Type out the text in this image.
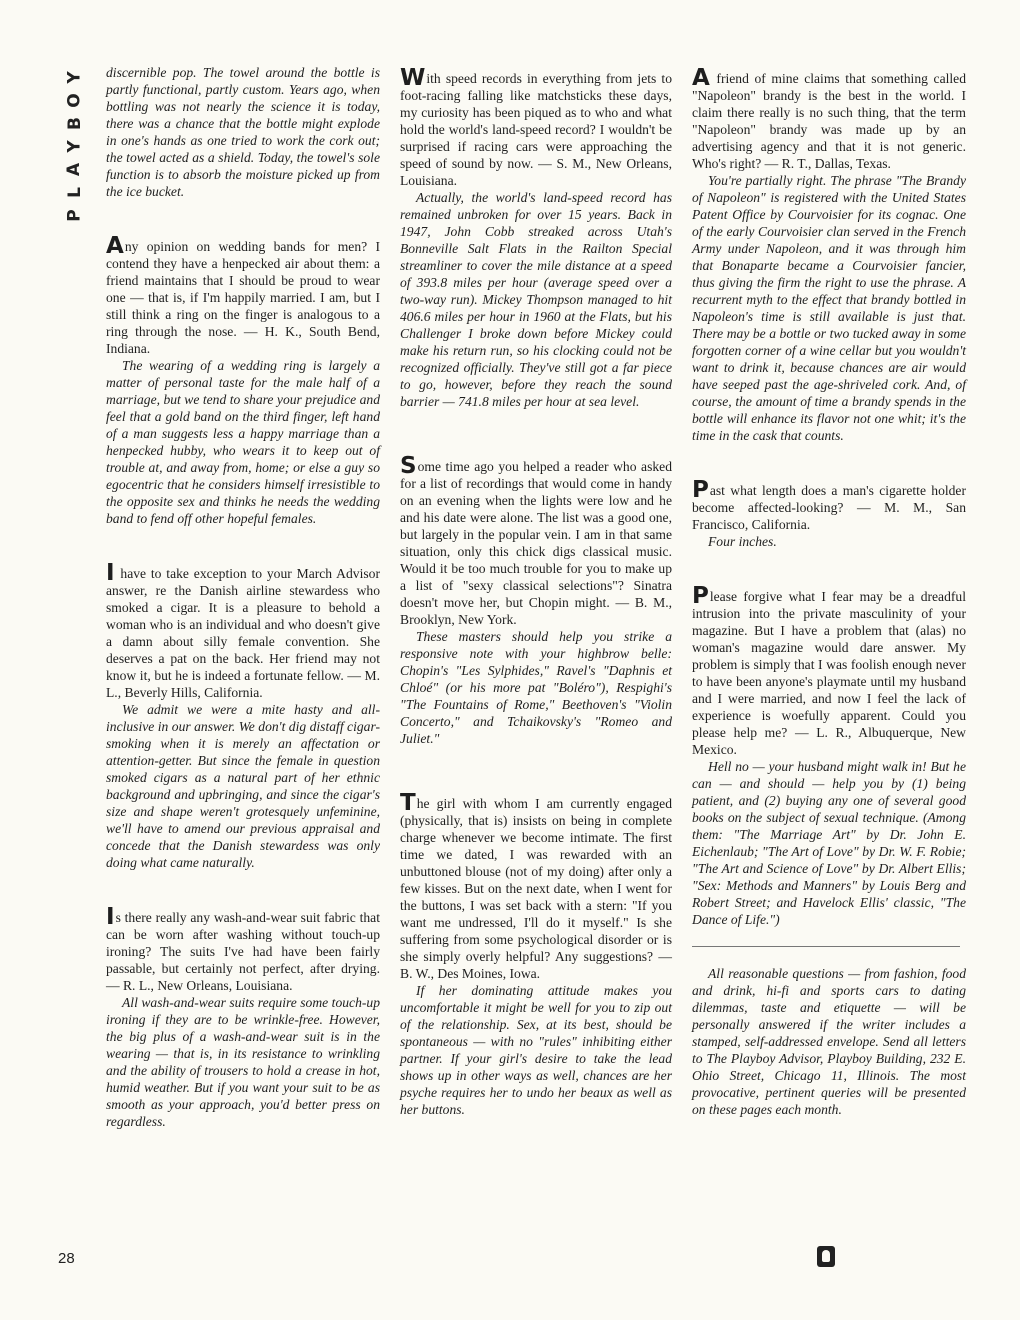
Y
O
B
Y
A
L
P

discernible pop. The towel around the bottle is partly functional, partly custom. Years ago, when bottling was not nearly the science it is today, there was a chance that the bottle might explode in one's hands as one tried to work the cork out; the towel acted as a shield. Today, the towel's sole function is to absorb the moisture picked up from the ice bucket.

Any opinion on wedding bands for men? I contend they have a henpecked air about them: a friend maintains that I should be proud to wear one — that is, if I'm happily married. I am, but I still think a ring on the finger is analogous to a ring through the nose. — H. K., South Bend, Indiana.

The wearing of a wedding ring is largely a matter of personal taste for the male half of a marriage, but we tend to share your prejudice and feel that a gold band on the third finger, left hand of a man suggests less a happy marriage than a henpecked hubby, who wears it to keep out of trouble at, and away from, home; or else a guy so egocentric that he considers himself irresistible to the opposite sex and thinks he needs the wedding band to fend off other hopeful females.

I have to take exception to your March Advisor answer, re the Danish airline stewardess who smoked a cigar. It is a pleasure to behold a woman who is an individual and who doesn't give a damn about silly female convention. She deserves a pat on the back. Her friend may not know it, but he is indeed a fortunate fellow. — M. L., Beverly Hills, California.

We admit we were a mite hasty and all-inclusive in our answer. We don't dig distaff cigar-smoking when it is merely an affectation or attention-getter. But since the female in question smoked cigars as a natural part of her ethnic background and upbringing, and since the cigar's size and shape weren't grotesquely unfeminine, we'll have to amend our previous appraisal and concede that the Danish stewardess was only doing what came naturally.

Is there really any wash-and-wear suit fabric that can be worn after washing without touch-up ironing? The suits I've had have been fairly passable, but certainly not perfect, after drying. — R. L., New Orleans, Louisiana.

All wash-and-wear suits require some touch-up ironing if they are to be wrinkle-free. However, the big plus of a wash-and-wear suit is in the wearing — that is, in its resistance to wrinkling and the ability of trousers to hold a crease in hot, humid weather. But if you want your suit to be as smooth as your approach, you'd better press on regardless.

With speed records in everything from jets to foot-racing falling like matchsticks these days, my curiosity has been piqued as to who and what hold the world's land-speed record? I wouldn't be surprised if racing cars were approaching the speed of sound by now. — S. M., New Orleans, Louisiana.

Actually, the world's land-speed record has remained unbroken for over 15 years. Back in 1947, John Cobb streaked across Utah's Bonneville Salt Flats in the Railton Special streamliner to cover the mile distance at a speed of 393.8 miles per hour (average speed over a two-way run). Mickey Thompson managed to hit 406.6 miles per hour in 1960 at the Flats, but his Challenger I broke down before Mickey could make his return run, so his clocking could not be recognized officially. They've still got a far piece to go, however, before they reach the sound barrier — 741.8 miles per hour at sea level.

Some time ago you helped a reader who asked for a list of recordings that would come in handy on an evening when the lights were low and he and his date were alone. The list was a good one, but largely in the popular vein. I am in that same situation, only this chick digs classical music. Would it be too much trouble for you to make up a list of "sexy classical selections"? Sinatra doesn't move her, but Chopin might. — B. M., Brooklyn, New York.

These masters should help you strike a responsive note with your highbrow belle: Chopin's "Les Sylphides," Ravel's "Daphnis et Chloé" (or his more pat "Boléro"), Respighi's "The Fountains of Rome," Beethoven's "Violin Concerto," and Tchaikovsky's "Romeo and Juliet."

The girl with whom I am currently engaged (physically, that is) insists on being in complete charge whenever we become intimate. The first time we dated, I was rewarded with an unbuttoned blouse (not of my doing) after only a few kisses. But on the next date, when I went for the buttons, I was set back with a stern: "If you want me undressed, I'll do it myself." Is she suffering from some psychological disorder or is she simply overly helpful? Any suggestions? — B. W., Des Moines, Iowa.

If her dominating attitude makes you uncomfortable it might be well for you to zip out of the relationship. Sex, at its best, should be spontaneous — with no "rules" inhibiting either partner. If your girl's desire to take the lead shows up in other ways as well, chances are her psyche requires her to undo her beaux as well as her buttons.

A friend of mine claims that something called "Napoleon" brandy is the best in the world. I claim there really is no such thing, that the term "Napoleon" brandy was made up by an advertising agency and that it is not generic. Who's right? — R. T., Dallas, Texas.

You're partially right. The phrase "The Brandy of Napoleon" is registered with the United States Patent Office by Courvoisier for its cognac. One of the early Courvoisier clan served in the French Army under Napoleon, and it was through him that Bonaparte became a Courvoisier fancier, thus giving the firm the right to use the phrase. A recurrent myth to the effect that brandy bottled in Napoleon's time is still available is just that. There may be a bottle or two tucked away in some forgotten corner of a wine cellar but you wouldn't want to drink it, because chances are air would have seeped past the age-shriveled cork. And, of course, the amount of time a brandy spends in the bottle will enhance its flavor not one whit; it's the time in the cask that counts.

Past what length does a man's cigarette holder become affected-looking? — M. M., San Francisco, California.

Four inches.

Please forgive what I fear may be a dreadful intrusion into the private masculinity of your magazine. But I have a problem that (alas) no woman's magazine would dare answer. My problem is simply that I was foolish enough never to have been anyone's playmate until my husband and I were married, and now I feel the lack of experience is woefully apparent. Could you please help me? — L. R., Albuquerque, New Mexico.

Hell no — your husband might walk in! But he can — and should — help you by (1) being patient, and (2) buying any one of several good books on the subject of sexual technique. (Among them: "The Marriage Art" by Dr. John E. Eichenlaub; "The Art of Love" by Dr. W. F. Robie; "The Art and Science of Love" by Dr. Albert Ellis; "Sex: Methods and Manners" by Louis Berg and Robert Street; and Havelock Ellis' classic, "The Dance of Life.")

All reasonable questions — from fashion, food and drink, hi-fi and sports cars to dating dilemmas, taste and etiquette — will be personally answered if the writer includes a stamped, self-addressed envelope. Send all letters to The Playboy Advisor, Playboy Building, 232 E. Ohio Street, Chicago 11, Illinois. The most provocative, pertinent queries will be presented on these pages each month.

28
